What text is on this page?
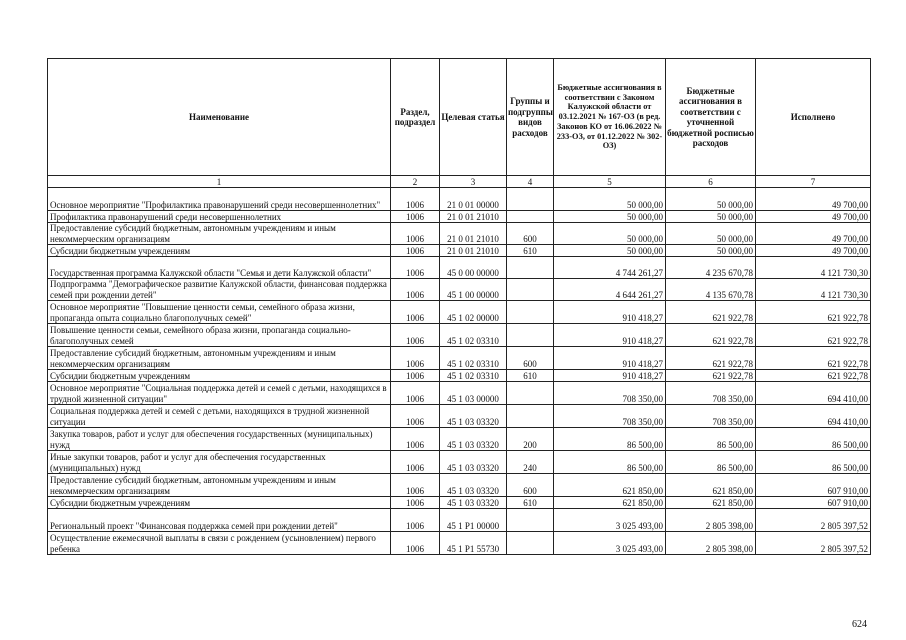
Наименование	Раздел, подраздел	Целевая статья	Группы и подгруппы видов расходов	Бюджетные ассигнования в соответствии с Законом Калужской области от 03.12.2021 № 167-ОЗ (в ред. Законов КО от 16.06.2022 № 233-ОЗ, от 01.12.2022 № 302-ОЗ)	Бюджетные ассигнования в соответствии с уточненной бюджетной росписью расходов	Исполнено
1	2	3	4	5	6	7
Основное мероприятие "Профилактика правонарушений среди несовершеннолетних"	1006	21 0 01 00000		50 000,00	50 000,00	49 700,00
Профилактика правонарушений среди несовершеннолетних	1006	21 0 01 21010		50 000,00	50 000,00	49 700,00
Предоставление субсидий бюджетным, автономным учреждениям и иным некоммерческим организациям	1006	21 0 01 21010	600	50 000,00	50 000,00	49 700,00
Субсидии бюджетным учреждениям	1006	21 0 01 21010	610	50 000,00	50 000,00	49 700,00
Государственная программа Калужской области "Семья и дети Калужской области"	1006	45 0 00 00000		4 744 261,27	4 235 670,78	4 121 730,30
Подпрограмма "Демографическое развитие Калужской области, финансовая поддержка семей при рождении детей"	1006	45 1 00 00000		4 644 261,27	4 135 670,78	4 121 730,30
Основное мероприятие "Повышение ценности семьи, семейного образа жизни, пропаганда опыта социально благополучных семей"	1006	45 1 02 00000		910 418,27	621 922,78	621 922,78
Повышение ценности семьи, семейного образа жизни, пропаганда социально-благополучных семей	1006	45 1 02 03310		910 418,27	621 922,78	621 922,78
Предоставление субсидий бюджетным, автономным учреждениям и иным некоммерческим организациям	1006	45 1 02 03310	600	910 418,27	621 922,78	621 922,78
Субсидии бюджетным учреждениям	1006	45 1 02 03310	610	910 418,27	621 922,78	621 922,78
Основное мероприятие "Социальная поддержка детей и семей с детьми, находящихся в трудной жизненной ситуации"	1006	45 1 03 00000		708 350,00	708 350,00	694 410,00
Социальная поддержка детей и семей с детьми, находящихся в трудной жизненной ситуации	1006	45 1 03 03320		708 350,00	708 350,00	694 410,00
Закупка товаров, работ и услуг для обеспечения государственных (муниципальных) нужд	1006	45 1 03 03320	200	86 500,00	86 500,00	86 500,00
Иные закупки товаров, работ и услуг для обеспечения государственных (муниципальных) нужд	1006	45 1 03 03320	240	86 500,00	86 500,00	86 500,00
Предоставление субсидий бюджетным, автономным учреждениям и иным некоммерческим организациям	1006	45 1 03 03320	600	621 850,00	621 850,00	607 910,00
Субсидии бюджетным учреждениям	1006	45 1 03 03320	610	621 850,00	621 850,00	607 910,00
Региональный проект "Финансовая поддержка семей при рождении детей"	1006	45 1 P1 00000		3 025 493,00	2 805 398,00	2 805 397,52
Осуществление ежемесячной выплаты в связи с рождением (усыновлением) первого ребенка	1006	45 1 P1 55730		3 025 493,00	2 805 398,00	2 805 397,52
624
